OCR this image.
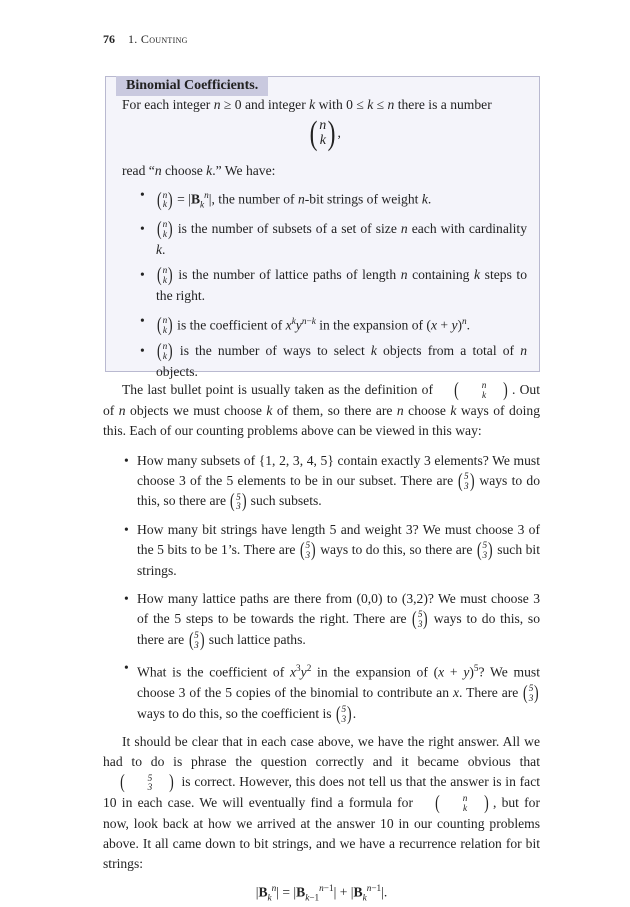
76 1. Counting
Binomial Coefficients.

For each integer n ≥ 0 and integer k with 0 ≤ k ≤ n there is a number

( n
k ) ,

read “n choose k.” We have:

• ( n
k ) = $|B_k^n|$, the number of n-bit strings of weight k.
• ( n
k ) is the number of subsets of a set of size n each with cardinality k.
• ( n
k ) is the number of lattice paths of length n containing k steps to the right.
• ( n
k ) is the coefficient of $x^ky^{n-k}$ in the expansion of $(x + y)^n$.
• ( n
k ) is the number of ways to select k objects from a total of n objects.

The last bullet point is usually taken as the definition of (	n
k ) . Out of n objects we must choose k of them, so there are n choose k ways of doing this. Each of our counting problems above can be viewed in this way:

• How many subsets of {1, 2, 3, 4, 5} contain exactly 3 elements? We must choose 3 of the 5 elements to be in our subset. There are ( 5
3 ) ways to do this, so there are ( 5
3 ) such subsets.
• How many bit strings have length 5 and weight 3? We must choose 3 of the 5 bits to be 1’s. There are ( 5
3 ) ways to do this, so there are ( 5
3 ) such bit strings.
• How many lattice paths are there from (0,0) to (3,2)? We must choose 3 of the 5 steps to be towards the right. There are ( 5
3 ) ways to do this, so there are ( 5
3 ) such lattice paths.
• What is the coefficient of $x^3y^2$ in the expansion of $(x + y)^5$? We must choose 3 of the 5 copies of the binomial to contribute an x. There are ( 5
3 )
ways to do this, so the coefficient is ( 5
3 ) .

It should be clear that in each case above, we have the right answer. All we had to do is phrase the question correctly and it became obvious that
(	5
3 ) is correct. However, this does not tell us that the answer is in fact 10 in each case. We will eventually find a formula for (	n
k ) , but for now, look back at how we arrived at the answer 10 in our counting problems above. It all came down to bit strings, and we have a recurrence relation for bit strings:

$|B_k^n| = |B_{k-1}^{n-1}| + |B_k^{n-1}|$.
